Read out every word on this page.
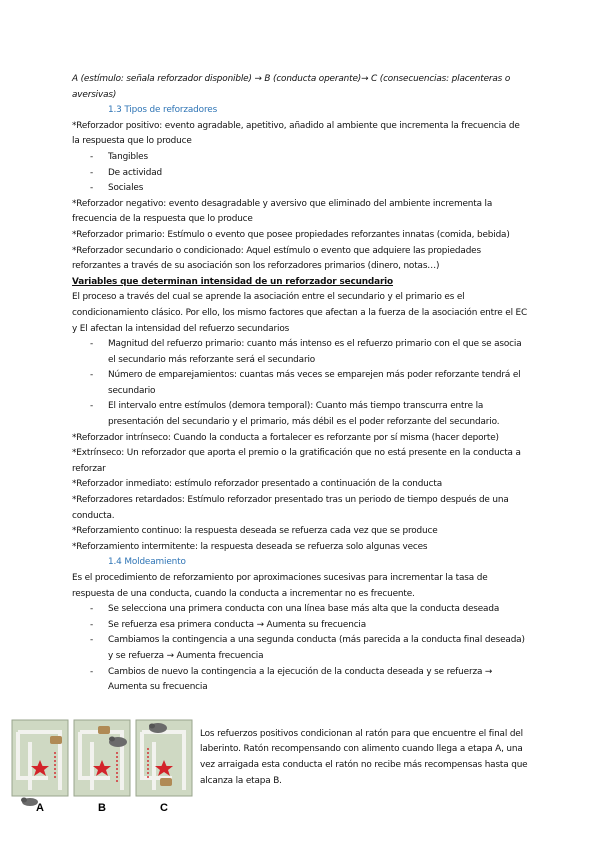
A (estímulo: señala reforzador disponible) → B (conducta operante)→ C (consecuencias: placenteras o aversivas)

1.3 Tipos de reforzadores

*Reforzador positivo: evento agradable, apetitivo, añadido al ambiente que incrementa la frecuencia de la respuesta que lo produce

- Tangibles
- De actividad
- Sociales

*Reforzador negativo: evento desagradable y aversivo que eliminado del ambiente incrementa la frecuencia de la respuesta que lo produce

*Reforzador primario: Estímulo o evento que posee propiedades reforzantes innatas (comida, bebida)

*Reforzador secundario o condicionado: Aquel estímulo o evento que adquiere las propiedades reforzantes a través de su asociación son los reforzadores primarios (dinero, notas…)

Variables que determinan intensidad de un reforzador secundario

El proceso a través del cual se aprende la asociación entre el secundario y el primario es el condicionamiento clásico. Por ello, los mismo factores que afectan a la fuerza de la asociación entre el EC y El afectan la intensidad del refuerzo secundarios

- Magnitud del refuerzo primario: cuanto más intenso es el refuerzo primario con el que se asocia el secundario más reforzante será el secundario
- Número de emparejamientos: cuantas más veces se emparejen más poder reforzante tendrá el secundario
- El intervalo entre estímulos (demora temporal): Cuanto más tiempo transcurra entre la presentación del secundario y el primario, más débil es el poder reforzante del secundario.

*Reforzador intrínseco: Cuando la conducta a fortalecer es reforzante por sí misma (hacer deporte)

*Extrínseco: Un reforzador que aporta el premio o la gratificación que no está presente en la conducta a reforzar

*Reforzador inmediato: estímulo reforzador presentado a continuación de la conducta

*Reforzadores retardados: Estímulo reforzador presentado tras un periodo de tiempo después de una conducta.

*Reforzamiento continuo: la respuesta deseada se refuerza cada vez que se produce

*Reforzamiento intermitente: la respuesta deseada se refuerza solo algunas veces

1.4 Moldeamiento

Es el procedimiento de reforzamiento por aproximaciones sucesivas para incrementar la tasa de respuesta de una conducta, cuando la conducta a incrementar no es frecuente.

- Se selecciona una primera conducta con una línea base más alta que la conducta deseada
- Se refuerza esa primera conducta → Aumenta su frecuencia
- Cambiamos la contingencia a una segunda conducta (más parecida a la conducta final deseada) y se refuerza → Aumenta frecuencia
- Cambios de nuevo la contingencia a la ejecución de la conducta deseada y se refuerza → Aumenta su frecuencia
A	B	C

Los refuerzos positivos condicionan al ratón para que encuentre el final del laberinto. Ratón recompensando con alimento cuando llega a etapa A, una vez arraigada esta conducta el ratón no recibe más recompensas hasta que alcanza la etapa B.
